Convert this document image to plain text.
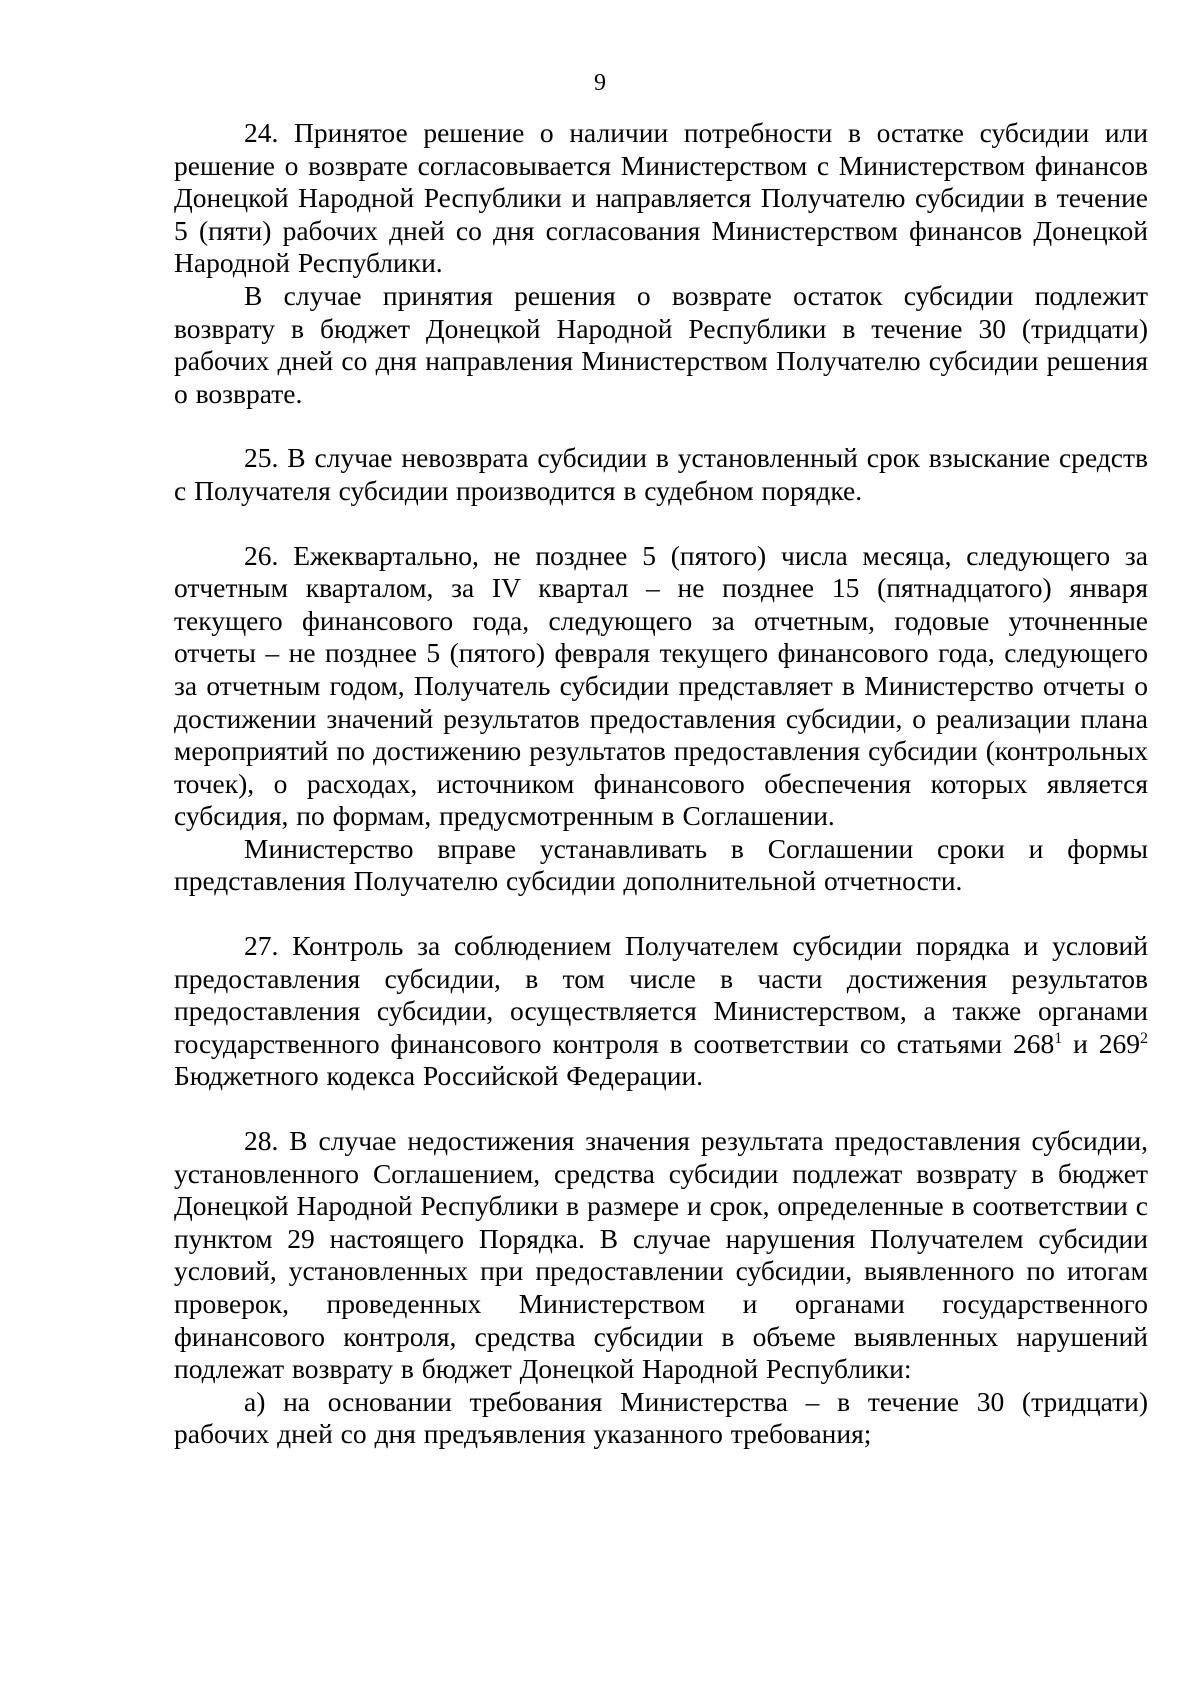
9

24. Принятое решение о наличии потребности в остатке субсидии или решение о возврате согласовывается Министерством с Министерством финансов Донецкой Народной Республики и направляется Получателю субсидии в течение 5 (пяти) рабочих дней со дня согласования Министерством финансов Донецкой Народной Республики.

В случае принятия решения о возврате остаток субсидии подлежит возврату в бюджет Донецкой Народной Республики в течение 30 (тридцати) рабочих дней со дня направления Министерством Получателю субсидии решения о возврате.

25. В случае невозврата субсидии в установленный срок взыскание средств с Получателя субсидии производится в судебном порядке.

26. Ежеквартально, не позднее 5 (пятого) числа месяца, следующего за отчетным кварталом, за IV квартал – не позднее 15 (пятнадцатого) января текущего финансового года, следующего за отчетным, годовые уточненные отчеты – не позднее 5 (пятого) февраля текущего финансового года, следующего за отчетным годом, Получатель субсидии представляет в Министерство отчеты о достижении значений результатов предоставления субсидии, о реализации плана мероприятий по достижению результатов предоставления субсидии (контрольных точек), о расходах, источником финансового обеспечения которых является субсидия, по формам, предусмотренным в Соглашении.

Министерство вправе устанавливать в Соглашении сроки и формы представления Получателю субсидии дополнительной отчетности.

27. Контроль за соблюдением Получателем субсидии порядка и условий предоставления субсидии, в том числе в части достижения результатов предоставления субсидии, осуществляется Министерством, а также органами государственного финансового контроля в соответствии со статьями $268^1$ и $269^2$ Бюджетного кодекса Российской Федерации.

28. В случае недостижения значения результата предоставления субсидии, установленного Соглашением, средства субсидии подлежат возврату в бюджет Донецкой Народной Республики в размере и срок, определенные в соответствии с пунктом 29 настоящего Порядка. В случае нарушения Получателем субсидии условий, установленных при предоставлении субсидии, выявленного по итогам проверок, проведенных Министерством и органами государственного финансового контроля, средства субсидии в объеме выявленных нарушений подлежат возврату в бюджет Донецкой Народной Республики:

а) на основании требования Министерства – в течение 30 (тридцати) рабочих дней со дня предъявления указанного требования;
